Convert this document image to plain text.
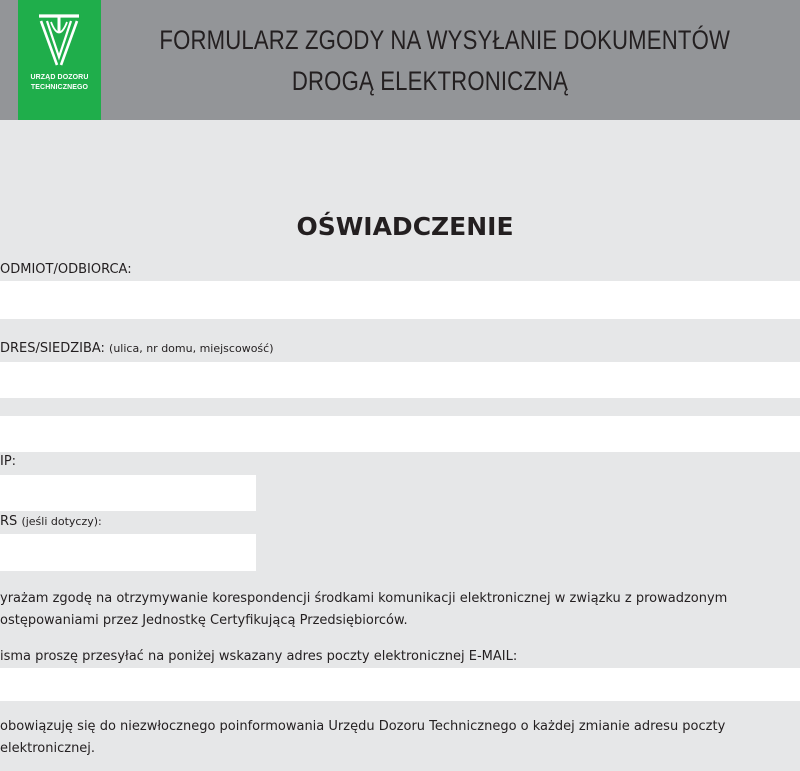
URZĄD DOZORU
TECHNICZNEGO
FORMULARZ ZGODY NA WYSYŁANIE DOKUMENTÓW
DROGĄ ELEKTRONICZNĄ
OŚWIADCZENIE
ODMIOT/ODBIORCA:
DRES/SIEDZIBA: (ulica, nr domu, miejscowość)
IP:
RS (jeśli dotyczy):
yrażam zgodę na otrzymywanie korespondencji środkami komunikacji elektronicznej w związku z prowadzonym
ostępowaniami przez Jednostkę Certyfikującą Przedsiębiorców.
isma proszę przesyłać na poniżej wskazany adres poczty elektronicznej E-MAIL:
obowiązuję się do niezwłocznego poinformowania Urzędu Dozoru Technicznego o każdej zmianie adresu poczty
elektronicznej.
